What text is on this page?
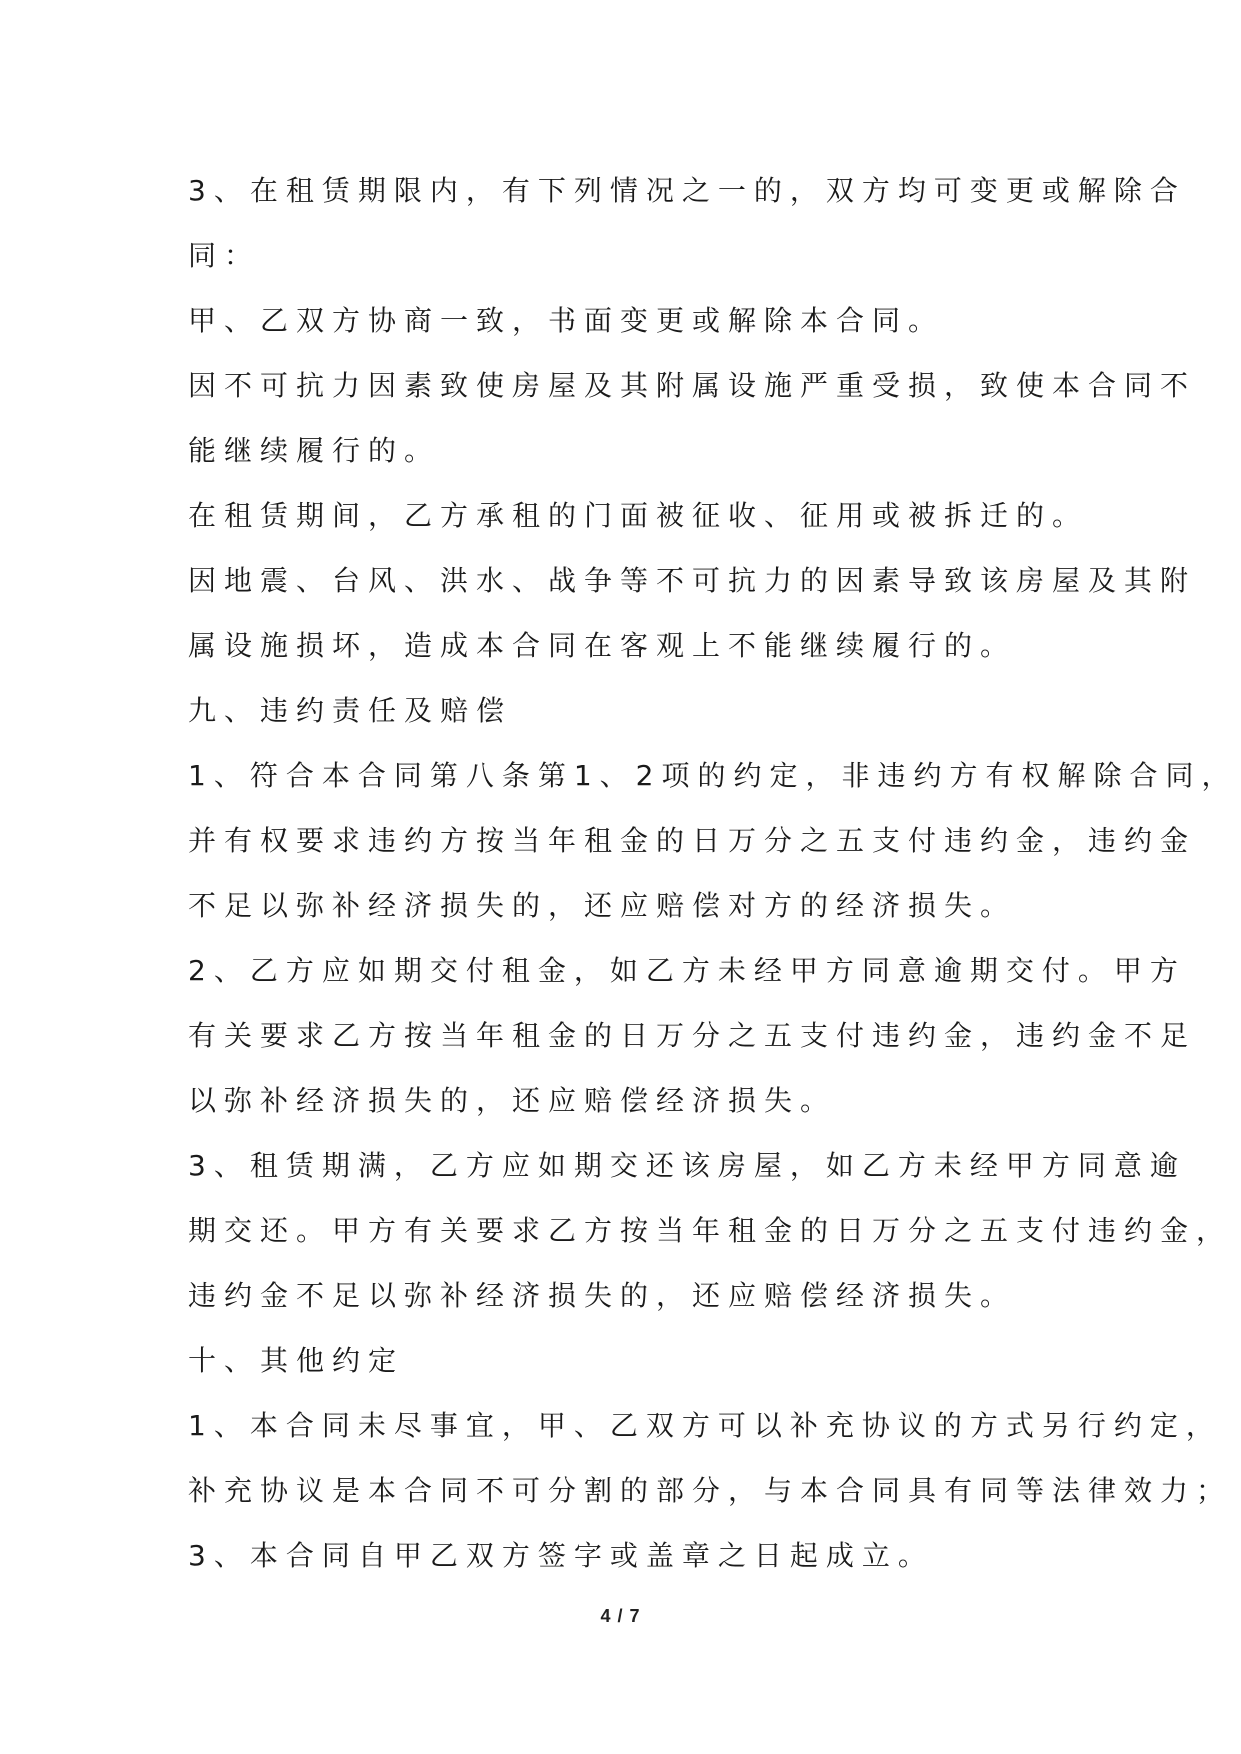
3、在租赁期限内，有下列情况之一的，双方均可变更或解除合
同：
甲、乙双方协商一致，书面变更或解除本合同。
因不可抗力因素致使房屋及其附属设施严重受损，致使本合同不
能继续履行的。
在租赁期间，乙方承租的门面被征收、征用或被拆迁的。
因地震、台风、洪水、战争等不可抗力的因素导致该房屋及其附
属设施损坏，造成本合同在客观上不能继续履行的。
九、违约责任及赔偿
1、符合本合同第八条第1、2项的约定，非违约方有权解除合同，
并有权要求违约方按当年租金的日万分之五支付违约金，违约金
不足以弥补经济损失的，还应赔偿对方的经济损失。
2、乙方应如期交付租金，如乙方未经甲方同意逾期交付。甲方
有关要求乙方按当年租金的日万分之五支付违约金，违约金不足
以弥补经济损失的，还应赔偿经济损失。
3、租赁期满，乙方应如期交还该房屋，如乙方未经甲方同意逾
期交还。甲方有关要求乙方按当年租金的日万分之五支付违约金，
违约金不足以弥补经济损失的，还应赔偿经济损失。
十、其他约定
1、本合同未尽事宜，甲、乙双方可以补充协议的方式另行约定，
补充协议是本合同不可分割的部分，与本合同具有同等法律效力；
3、本合同自甲乙双方签字或盖章之日起成立。
4 / 7
